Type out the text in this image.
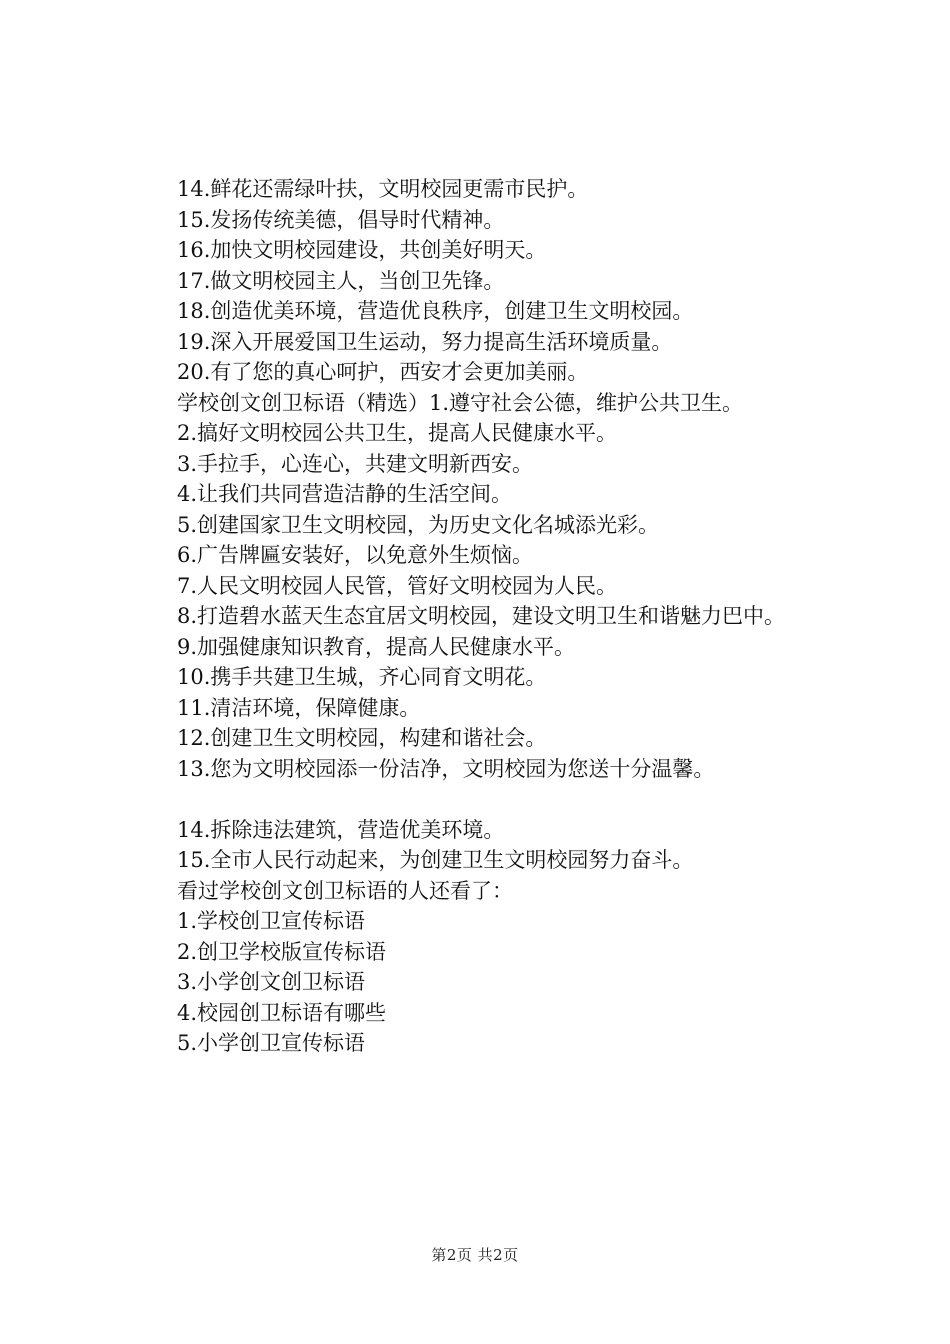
14.鲜花还需绿叶扶，文明校园更需市民护。
15.发扬传统美德，倡导时代精神。
16.加快文明校园建设，共创美好明天。
17.做文明校园主人，当创卫先锋。
18.创造优美环境，营造优良秩序，创建卫生文明校园。
19.深入开展爱国卫生运动，努力提高生活环境质量。
20.有了您的真心呵护，西安才会更加美丽。
学校创文创卫标语（精选）1.遵守社会公德，维护公共卫生。
2.搞好文明校园公共卫生，提高人民健康水平。
3.手拉手，心连心，共建文明新西安。
4.让我们共同营造洁静的生活空间。
5.创建国家卫生文明校园，为历史文化名城添光彩。
6.广告牌匾安装好，以免意外生烦恼。
7.人民文明校园人民管，管好文明校园为人民。
8.打造碧水蓝天生态宜居文明校园，建设文明卫生和谐魅力巴中。
9.加强健康知识教育，提高人民健康水平。
10.携手共建卫生城，齐心同育文明花。
11.清洁环境，保障健康。
12.创建卫生文明校园，构建和谐社会。
13.您为文明校园添一份洁净，文明校园为您送十分温馨。
14.拆除违法建筑，营造优美环境。
15.全市人民行动起来，为创建卫生文明校园努力奋斗。
看过学校创文创卫标语的人还看了：
1.学校创卫宣传标语
2.创卫学校版宣传标语
3.小学创文创卫标语
4.校园创卫标语有哪些
5.小学创卫宣传标语
第2页 共2页
